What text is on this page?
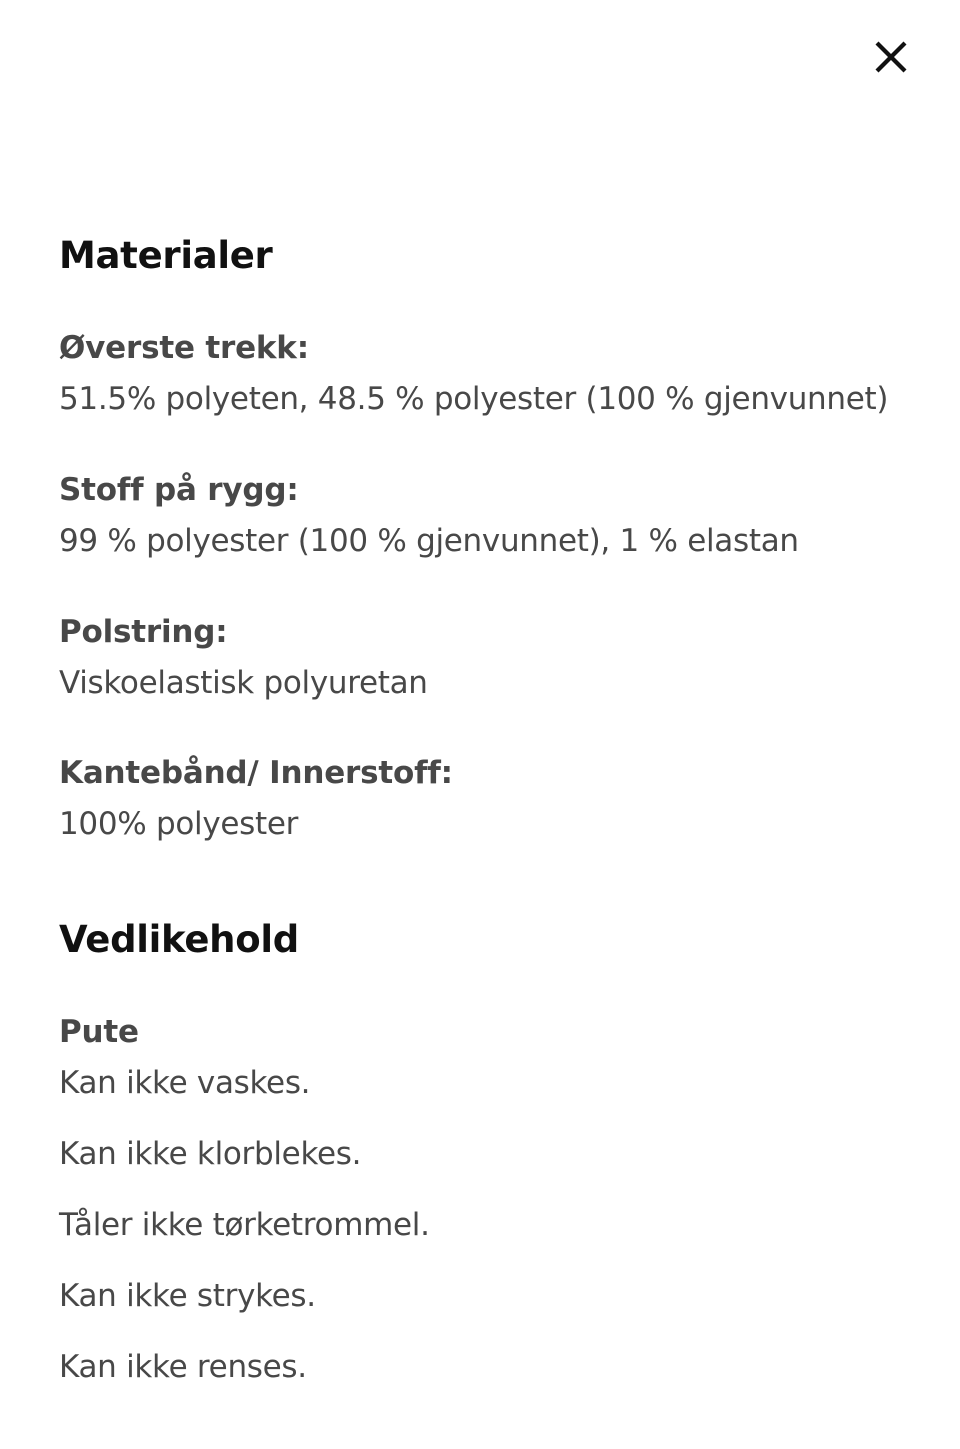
Materialer
Øverste trekk:
51.5% polyeten, 48.5 % polyester (100 % gjenvunnet)
Stoff på rygg:
99 % polyester (100 % gjenvunnet), 1 % elastan
Polstring:
Viskoelastisk polyuretan
Kantebånd/ Innerstoff:
100% polyester
Vedlikehold
Pute
Kan ikke vaskes.
Kan ikke klorblekes.
Tåler ikke tørketrommel.
Kan ikke strykes.
Kan ikke renses.
